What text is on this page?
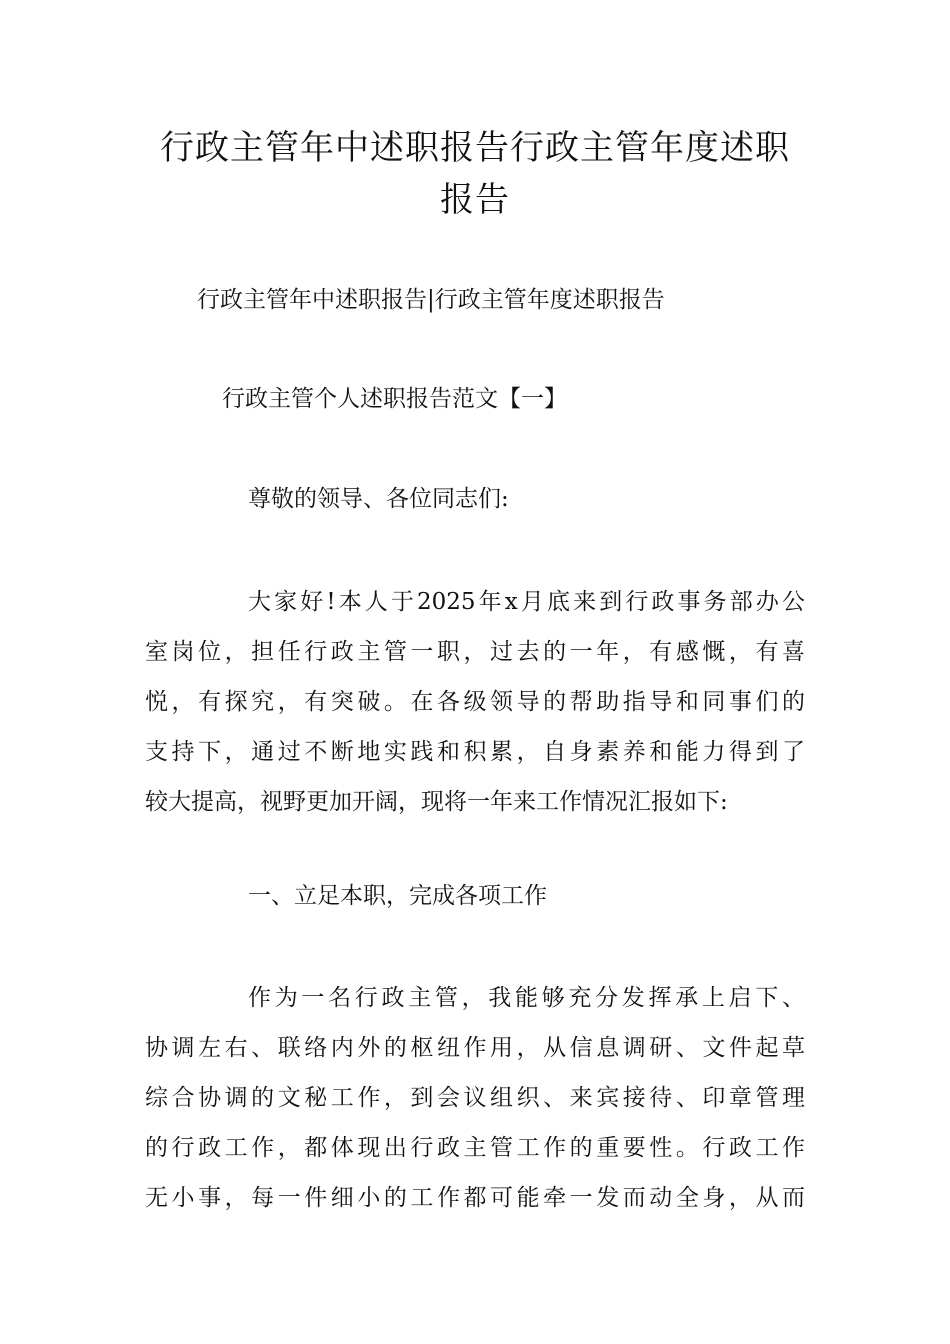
行政主管年中述职报告行政主管年度述职
报告

行政主管年中述职报告|行政主管年度述职报告

行政主管个人述职报告范文【一】

尊敬的领导、各位同志们:

大家好!本人于2025年x月底来到行政事务部办公
室岗位，担任行政主管一职，过去的一年，有感慨，有喜
悦，有探究，有突破。在各级领导的帮助指导和同事们的
支持下，通过不断地实践和积累，自身素养和能力得到了
较大提高，视野更加开阔，现将一年来工作情况汇报如下:

一、立足本职，完成各项工作

作为一名行政主管，我能够充分发挥承上启下、
协调左右、联络内外的枢纽作用，从信息调研、文件起草
综合协调的文秘工作，到会议组织、来宾接待、印章管理
的行政工作，都体现出行政主管工作的重要性。行政工作
无小事，每一件细小的工作都可能牵一发而动全身，从而
